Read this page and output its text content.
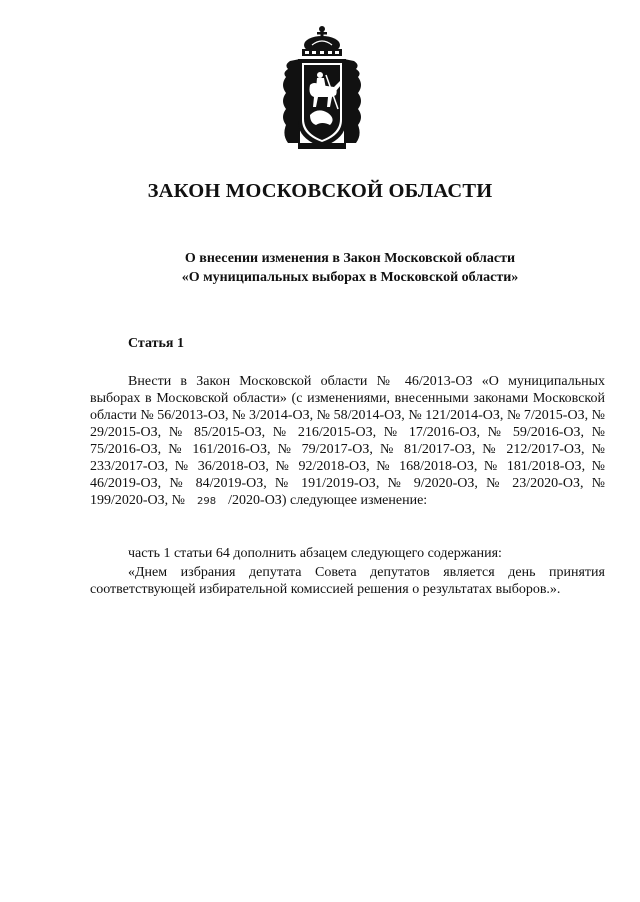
ЗАКОН МОСКОВСКОЙ ОБЛАСТИ
О внесении изменения в Закон Московской области
«О муниципальных выборах в Московской области»
Статья 1
Внести в Закон Московской области № 46/2013-ОЗ «О муниципальных выборах в Московской области» (с изменениями, внесенными законами Московской области № 56/2013-ОЗ, № 3/2014-ОЗ, № 58/2014-ОЗ, № 121/2014-ОЗ, № 7/2015-ОЗ, № 29/2015-ОЗ, № 85/2015-ОЗ, № 216/2015-ОЗ, № 17/2016-ОЗ, № 59/2016-ОЗ, № 75/2016-ОЗ, № 161/2016-ОЗ, № 79/2017-ОЗ, № 81/2017-ОЗ, № 212/2017-ОЗ, № 233/2017-ОЗ, № 36/2018-ОЗ, № 92/2018-ОЗ, № 168/2018-ОЗ, № 181/2018-ОЗ, № 46/2019-ОЗ, № 84/2019-ОЗ, № 191/2019-ОЗ, № 9/2020-ОЗ, № 23/2020-ОЗ, № 199/2020-ОЗ, № 298 /2020-ОЗ) следующее изменение:
часть 1 статьи 64 дополнить абзацем следующего содержания:
«Днем избрания депутата Совета депутатов является день принятия соответствующей избирательной комиссией решения о результатах выборов.».
